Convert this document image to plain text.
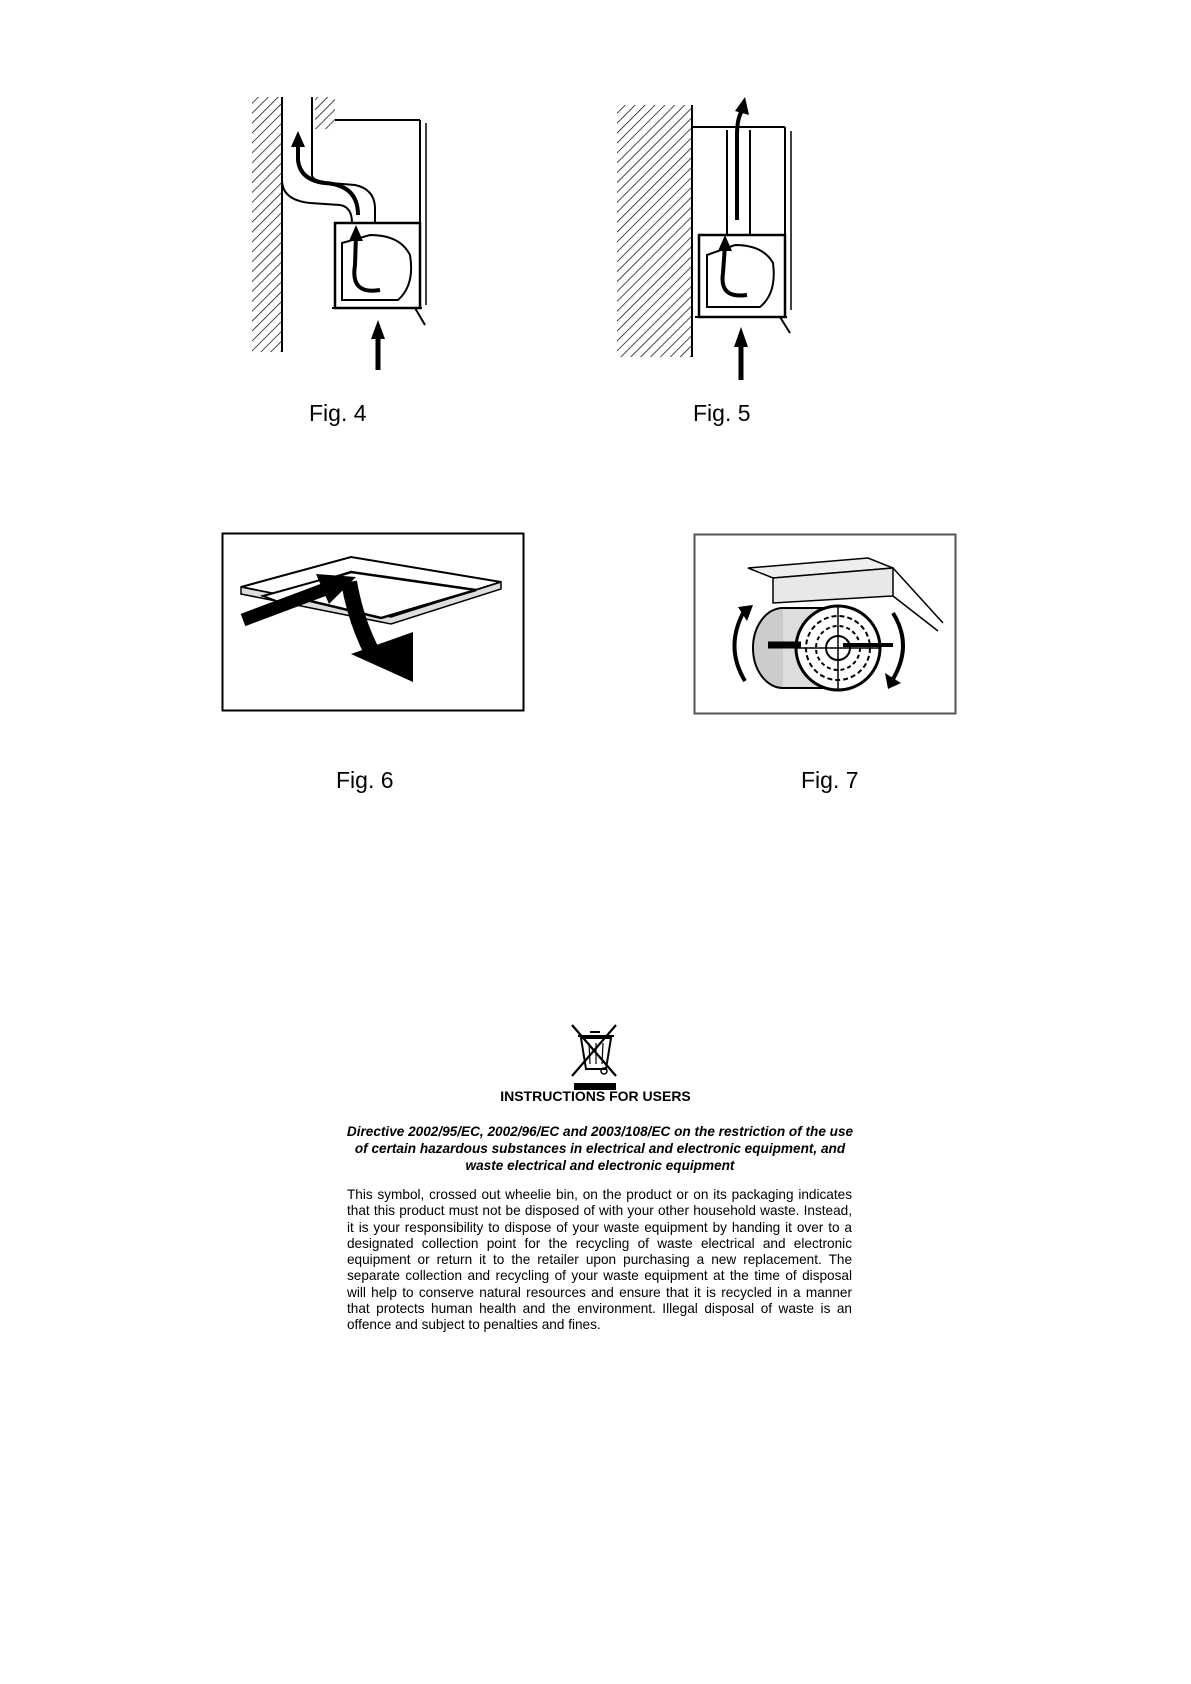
Fig. 4	Fig. 5
Fig. 6	Fig. 7
INSTRUCTIONS FOR USERS
Directive 2002/95/EC, 2002/96/EC and 2003/108/EC on the restriction of the use of certain hazardous substances in electrical and electronic equipment, and waste electrical and electronic equipment
This symbol, crossed out wheelie bin, on the product or on its packaging indicates that this product must not be disposed of with your other household waste. Instead, it is your responsibility to dispose of your waste equipment by handing it over to a designated collection point for the recycling of waste electrical and electronic equipment or return it to the retailer upon purchasing a new replacement. The separate collection and recycling of your waste equipment at the time of disposal will help to conserve natural resources and ensure that it is recycled in a manner that protects human health and the environment. Illegal disposal of waste is an offence and subject to penalties and fines.
